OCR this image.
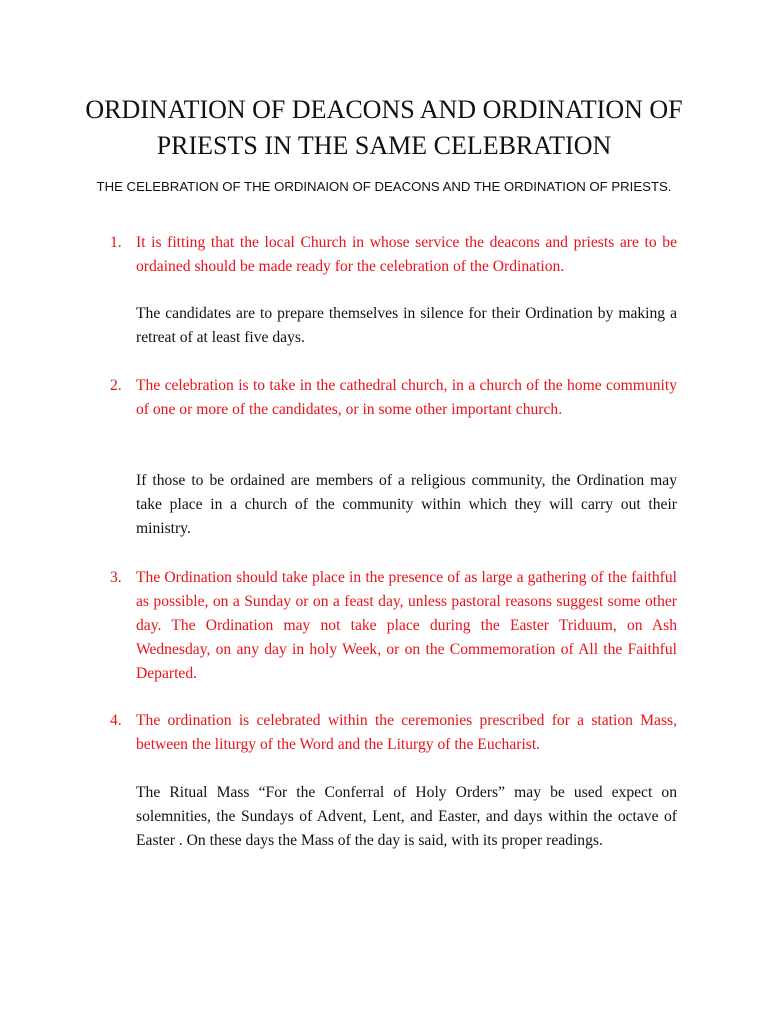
ORDINATION OF DEACONS AND ORDINATION OF PRIESTS IN THE SAME CELEBRATION

THE CELEBRATION OF THE ORDINAION OF DEACONS AND THE ORDINATION OF PRIESTS.

1. It is fitting that the local Church in whose service the deacons and priests are to be ordained should be made ready for the celebration of the Ordination.

The candidates are to prepare themselves in silence for their Ordination by making a retreat of at least five days.

2. The celebration is to take in the cathedral church, in a church of the home community of one or more of the candidates, or in some other important church.

If those to be ordained are members of a religious community, the Ordination may take place in a church of the community within which they will carry out their ministry.

3. The Ordination should take place in the presence of as large a gathering of the faithful as possible, on a Sunday or on a feast day, unless pastoral reasons suggest some other day. The Ordination may not take place during the Easter Triduum, on Ash Wednesday, on any day in holy Week, or on the Commemoration of All the Faithful Departed.

4. The ordination is celebrated within the ceremonies prescribed for a station Mass, between the liturgy of the Word and the Liturgy of the Eucharist.

The Ritual Mass “For the Conferral of Holy Orders” may be used expect on solemnities, the Sundays of Advent, Lent, and Easter, and days within the octave of Easter . On these days the Mass of the day is said, with its proper readings.
